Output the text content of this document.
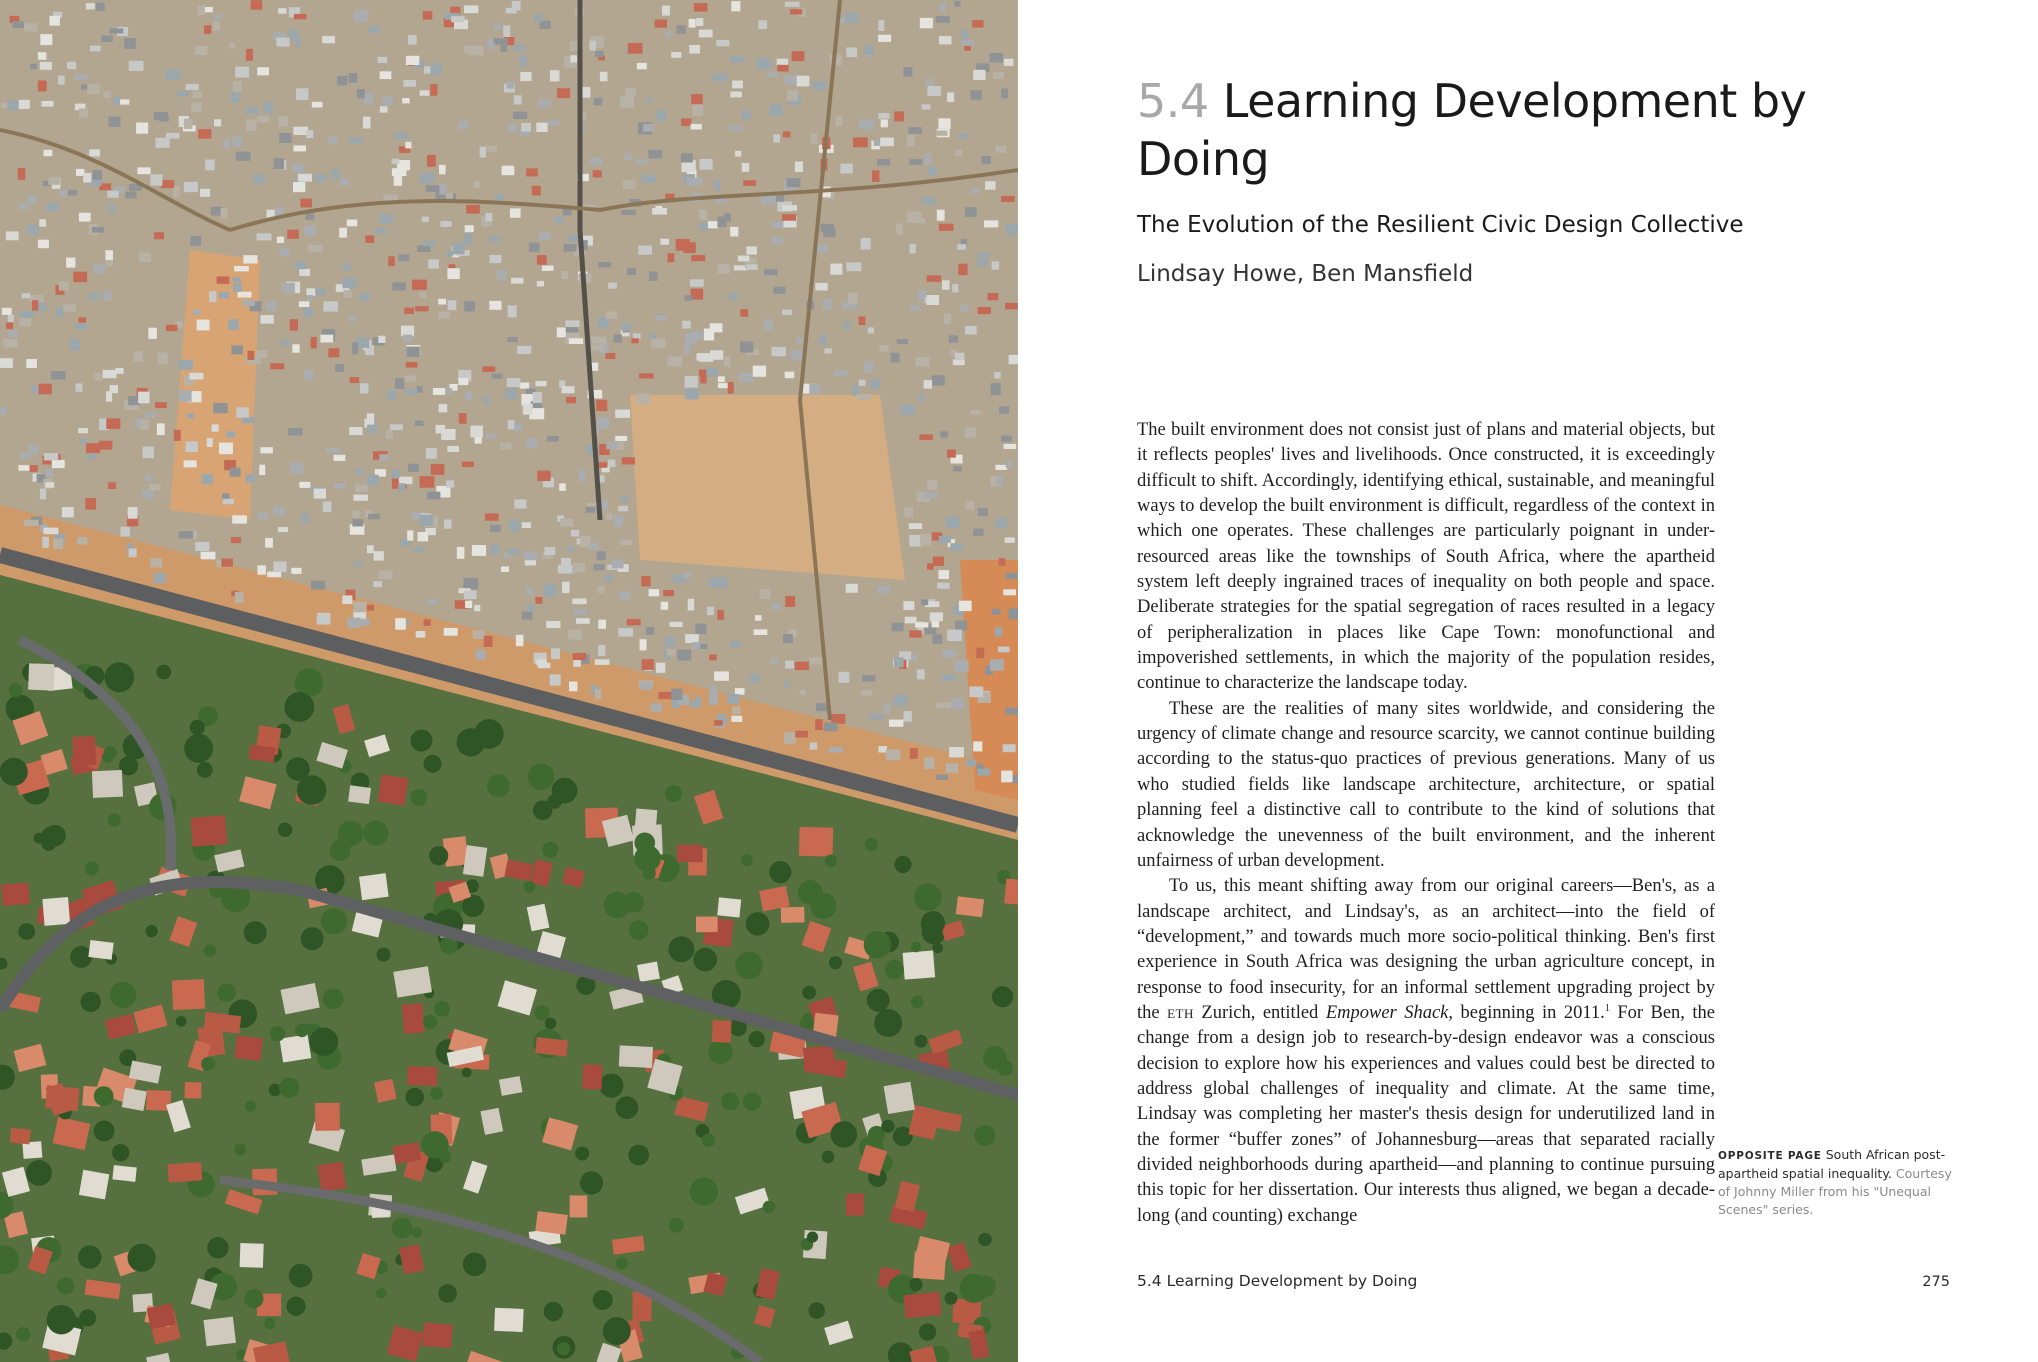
5.4 Learning Development by Doing
The Evolution of the Resilient Civic Design Collective
Lindsay Howe, Ben Mansfield

The built environment does not consist just of plans and material objects, but it reflects peoples' lives and livelihoods. Once constructed, it is exceedingly difficult to shift. Accordingly, identifying ethical, sustainable, and meaningful ways to develop the built environment is difficult, regardless of the context in which one operates. These challenges are particularly poignant in under-resourced areas like the townships of South Africa, where the apartheid system left deeply ingrained traces of inequality on both people and space. Deliberate strategies for the spatial segregation of races resulted in a legacy of peripheralization in places like Cape Town: monofunctional and impoverished settlements, in which the majority of the population resides, continue to characterize the landscape today.

These are the realities of many sites worldwide, and considering the urgency of climate change and resource scarcity, we cannot continue building according to the status-quo practices of previous generations. Many of us who studied fields like landscape architecture, architecture, or spatial planning feel a distinctive call to contribute to the kind of solutions that acknowledge the unevenness of the built environment, and the inherent unfairness of urban development.

To us, this meant shifting away from our original careers—Ben's, as a landscape architect, and Lindsay's, as an architect—into the field of “development,” and towards much more socio-political thinking. Ben's first experience in South Africa was designing the urban agriculture concept, in response to food insecurity, for an informal settlement upgrading project by the eth Zurich, entitled Empower Shack, beginning in 2011.$^1$ For Ben, the change from a design job to research-by-design endeavor was a conscious decision to explore how his experiences and values could best be directed to address global challenges of inequality and climate. At the same time, Lindsay was completing her master's thesis design for underutilized land in the former “buffer zones” of Johannesburg—areas that separated racially divided neighborhoods during apartheid—and planning to continue pursuing this topic for her dissertation. Our interests thus aligned, we began a decade-long (and counting) exchange

OPPOSITE PAGE South African post-apartheid spatial inequality. Courtesy of Johnny Miller from his "Unequal Scenes" series.
5.4 Learning Development by Doing	275
